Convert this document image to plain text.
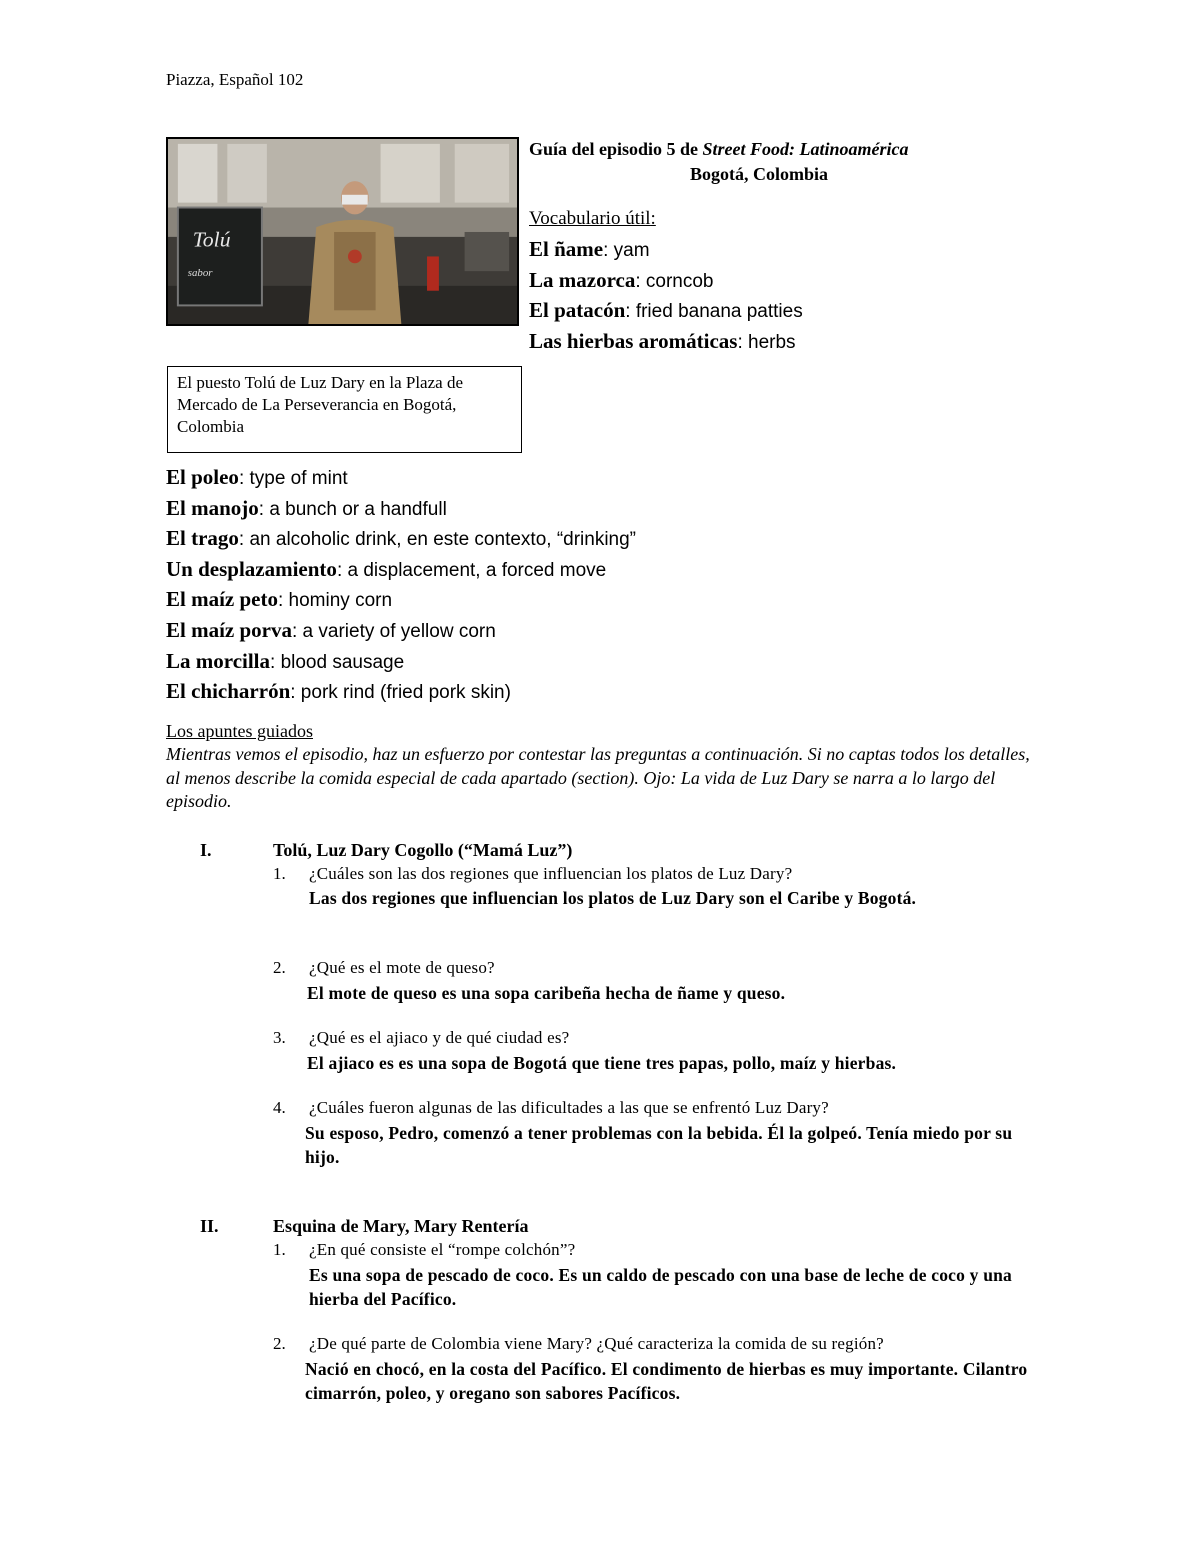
Piazza, Español 102
Tolú
sabor
Guía del episodio 5 de Street Food: Latinoamérica
Bogotá, Colombia
Vocabulario útil:
El ñame: yam
La mazorca: corncob
El patacón: fried banana patties
Las hierbas aromáticas: herbs
El puesto Tolú de Luz Dary en la Plaza de Mercado de La Perseverancia en Bogotá, Colombia
El poleo: type of mint
El manojo: a bunch or a handfull
El trago: an alcoholic drink, en este contexto, “drinking”
Un desplazamiento: a displacement, a forced move
El maíz peto: hominy corn
El maíz porva: a variety of yellow corn
La morcilla: blood sausage
El chicharrón: pork rind (fried pork skin)
Los apuntes guiados
Mientras vemos el episodio, haz un esfuerzo por contestar las preguntas a continuación. Si no captas todos los detalles, al menos describe la comida especial de cada apartado (section). Ojo: La vida de Luz Dary se narra a lo largo del episodio.
I.	Tolú, Luz Dary Cogollo (“Mamá Luz”)
1. ¿Cuáles son las dos regiones que influencian los platos de Luz Dary?
Las dos regiones que influencian los platos de Luz Dary son el Caribe y Bogotá.
2. ¿Qué es el mote de queso?
El mote de queso es una sopa caribeña hecha de ñame y queso.
3. ¿Qué es el ajiaco y de qué ciudad es?
El ajiaco es es una sopa de Bogotá que tiene tres papas, pollo, maíz y hierbas.
4. ¿Cuáles fueron algunas de las dificultades a las que se enfrentó Luz Dary?
Su esposo, Pedro, comenzó a tener problemas con la bebida. Él la golpeó. Tenía miedo por su hijo.
II.	Esquina de Mary, Mary Rentería
1. ¿En qué consiste el “rompe colchón”?
Es una sopa de pescado de coco. Es un caldo de pescado con una base de leche de coco y una hierba del Pacífico.
2. ¿De qué parte de Colombia viene Mary? ¿Qué caracteriza la comida de su región?
Nació en chocó, en la costa del Pacífico. El condimento de hierbas es muy importante. Cilantro cimarrón, poleo, y oregano son sabores Pacíficos.
